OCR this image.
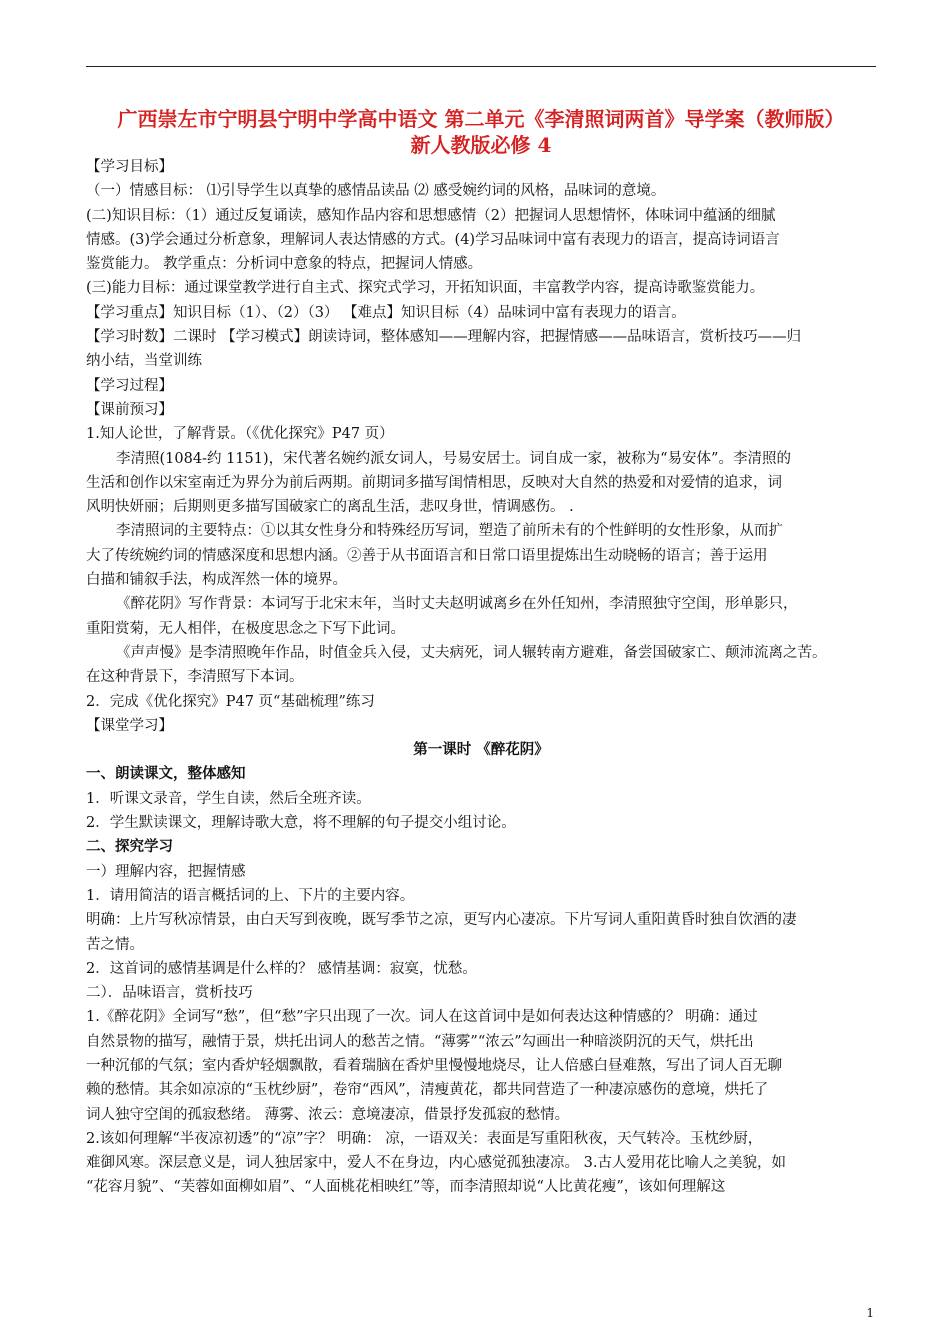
广西崇左市宁明县宁明中学高中语文 第二单元《李清照词两首》导学案（教师版）
新人教版必修 4

【学习目标】

（一）情感目标： ⑴引导学生以真挚的感情品读品 ⑵ 感受婉约词的风格，品味词的意境。

(二)知识目标：（1）通过反复诵读，感知作品内容和思想感情（2）把握词人思想情怀，体味词中蕴涵的细腻

情感。(3)学会通过分析意象，理解词人表达情感的方式。(4)学习品味词中富有表现力的语言，提高诗词语言

鉴赏能力。 教学重点：分析词中意象的特点，把握词人情感。

(三)能力目标：通过课堂教学进行自主式、探究式学习，开拓知识面，丰富教学内容，提高诗歌鉴赏能力。

【学习重点】知识目标（1）、（2）（3） 【难点】知识目标（4）品味词中富有表现力的语言。

【学习时数】二课时 【学习模式】朗读诗词，整体感知——理解内容，把握情感——品味语言，赏析技巧——归

纳小结，当堂训练

【学习过程】

【课前预习】

1.知人论世，了解背景。（《优化探究》P47 页）

李清照(1084-约 1151)，宋代著名婉约派女词人，号易安居士。词自成一家，被称为“易安体”。李清照的

生活和创作以宋室南迁为界分为前后两期。前期词多描写闺情相思，反映对大自然的热爱和对爱情的追求，词

风明快妍丽；后期则更多描写国破家亡的离乱生活，悲叹身世，情调感伤。 .

李清照词的主要特点：①以其女性身分和特殊经历写词，塑造了前所未有的个性鲜明的女性形象，从而扩

大了传统婉约词的情感深度和思想内涵。②善于从书面语言和日常口语里提炼出生动晓畅的语言；善于运用

白描和铺叙手法，构成浑然一体的境界。

《醉花阴》写作背景：本词写于北宋末年，当时丈夫赵明诚离乡在外任知州，李清照独守空闺，形单影只，

重阳赏菊，无人相伴，在极度思念之下写下此词。

《声声慢》是李清照晚年作品，时值金兵入侵，丈夫病死，词人辗转南方避难，备尝国破家亡、颠沛流离之苦。

在这种背景下，李清照写下本词。

2．完成《优化探究》P47 页“基础梳理”练习

【课堂学习】

第一课时 《醉花阴》

一、朗读课文，整体感知

1．听课文录音，学生自读，然后全班齐读。

2．学生默读课文，理解诗歌大意，将不理解的句子提交小组讨论。

二、探究学习

一）理解内容，把握情感

1．请用简洁的语言概括词的上、下片的主要内容。

明确：上片写秋凉情景，由白天写到夜晚，既写季节之凉，更写内心凄凉。下片写词人重阳黄昏时独自饮酒的凄

苦之情。

2．这首词的感情基调是什么样的？ 感情基调：寂寞，忧愁。

二）．品味语言，赏析技巧

1.《醉花阴》全词写“愁”，但“愁”字只出现了一次。词人在这首词中是如何表达这种情感的？ 明确：通过

自然景物的描写，融情于景，烘托出词人的愁苦之情。“薄雾”“浓云”勾画出一种暗淡阴沉的天气，烘托出

一种沉郁的气氛；室内香炉轻烟飘散，看着瑞脑在香炉里慢慢地烧尽，让人倍感白昼难熬，写出了词人百无聊

赖的愁情。其余如凉凉的“玉枕纱厨”，卷帘“西风”，清瘦黄花，都共同营造了一种凄凉感伤的意境，烘托了

词人独守空闺的孤寂愁绪。 薄雾、浓云：意境凄凉，借景抒发孤寂的愁情。

2.该如何理解“半夜凉初透”的“凉”字？ 明确： 凉，一语双关：表面是写重阳秋夜，天气转冷。玉枕纱厨，

难御风寒。深层意义是，词人独居家中，爱人不在身边，内心感觉孤独凄凉。 3.古人爱用花比喻人之美貌，如

“花容月貌”、“芙蓉如面柳如眉”、“人面桃花相映红”等，而李清照却说“人比黄花瘦”，该如何理解这

1
